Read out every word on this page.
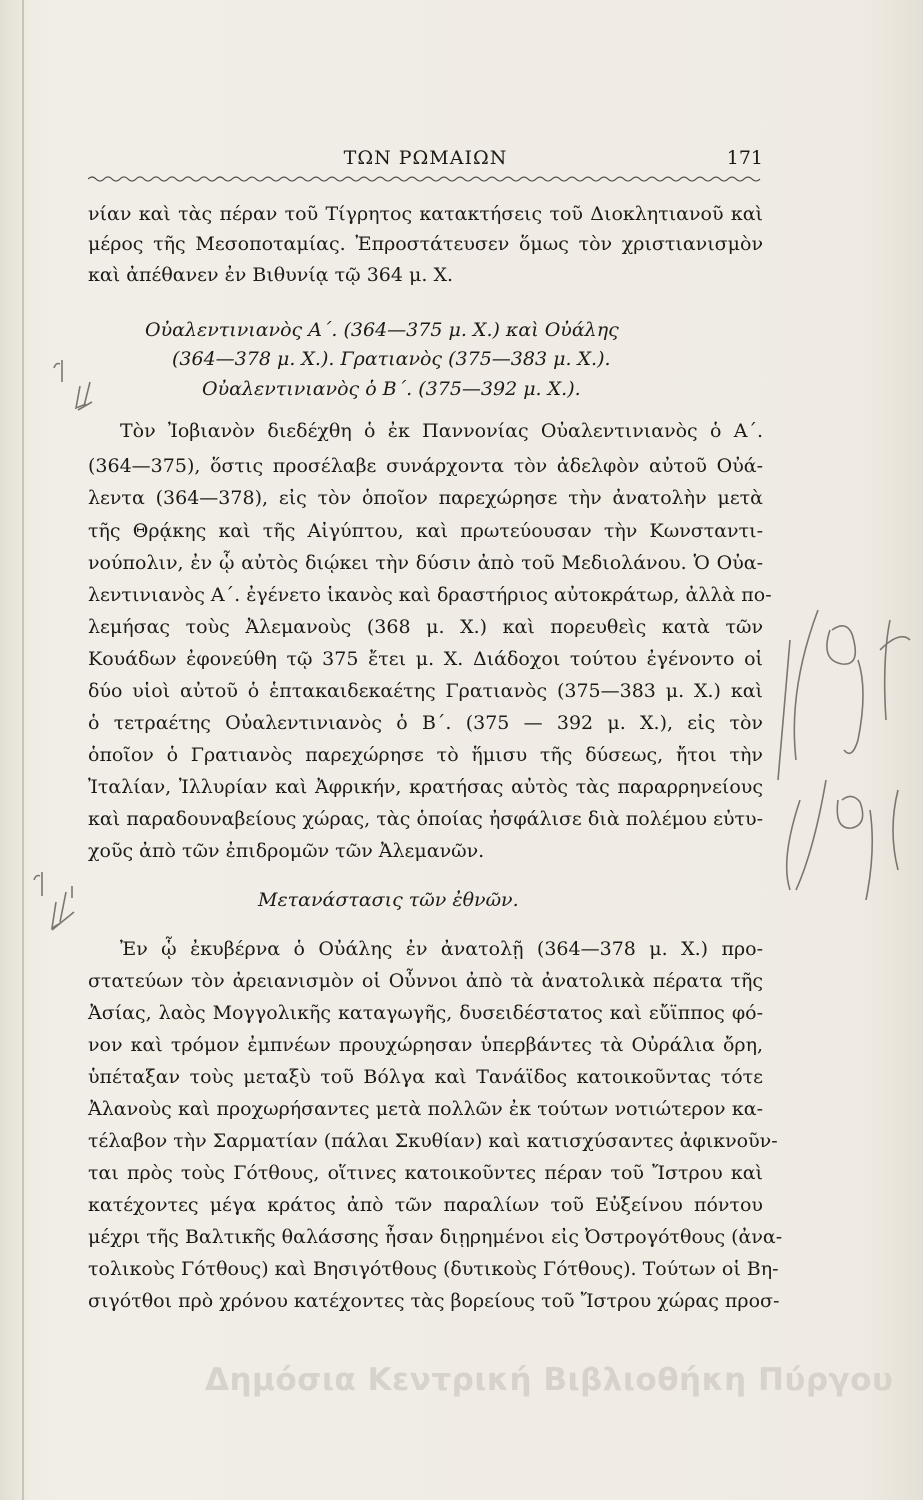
ΤΩΝ ΡΩΜΑΙΩΝ	171

νίαν καὶ τὰς πέραν τοῦ Τίγρητος κατακτήσεις τοῦ Διοκλητιανοῦ καὶ

μέρος τῆς Μεσοποταμίας. Ἐπροστάτευσεν ὅμως τὸν χριστιανισμὸν

καὶ ἀπέθανεν ἐν Βιθυνίᾳ τῷ 364 μ. Χ.

Οὐαλεντινιανὸς Α΄. (364—375 μ. Χ.) καὶ Οὐάλης
(364—378 μ. Χ.). Γρατιανὸς (375—383 μ. Χ.).
Οὐαλεντινιανὸς ὁ Β΄. (375—392 μ. Χ.).

Τὸν Ἰοβιανὸν διεδέχθη ὁ ἐκ Παννονίας Οὐαλεντινιανὸς ὁ Α΄.

(364—375), ὅστις προσέλαβε συνάρχοντα τὸν ἀδελφὸν αὐτοῦ Οὐά-

λεντα (364—378), εἰς τὸν ὁποῖον παρεχώρησε τὴν ἀνατολὴν μετὰ

τῆς Θρᾴκης καὶ τῆς Αἰγύπτου, καὶ πρωτεύουσαν τὴν Κωνσταντι-

νούπολιν, ἐν ᾧ αὐτὸς διῴκει τὴν δύσιν ἀπὸ τοῦ Μεδιολάνου. Ὁ Οὐα-

λεντινιανὸς Α΄. ἐγένετο ἱκανὸς καὶ δραστήριος αὐτοκράτωρ, ἀλλὰ πο-

λεμήσας τοὺς Ἀλεμανοὺς (368 μ. Χ.) καὶ πορευθεὶς κατὰ τῶν

Κουάδων ἐφονεύθη τῷ 375 ἔτει μ. Χ. Διάδοχοι τούτου ἐγένοντο οἱ

δύο υἱοὶ αὐτοῦ ὁ ἑπτακαιδεκαέτης Γρατιανὸς (375—383 μ. Χ.) καὶ

ὁ τετραέτης Οὐαλεντινιανὸς ὁ Β΄. (375 — 392 μ. Χ.), εἰς τὸν

ὁποῖον ὁ Γρατιανὸς παρεχώρησε τὸ ἥμισυ τῆς δύσεως, ἤτοι τὴν

Ἰταλίαν, Ἰλλυρίαν καὶ Ἀφρικήν, κρατήσας αὐτὸς τὰς παραρρηνείους

καὶ παραδουναβείους χώρας, τὰς ὁποίας ἠσφάλισε διὰ πολέμου εὐτυ-

χοῦς ἀπὸ τῶν ἐπιδρομῶν τῶν Ἀλεμανῶν.

Μετανάστασις τῶν ἐθνῶν.

Ἐν ᾧ ἐκυβέρνα ὁ Οὐάλης ἐν ἀνατολῇ (364—378 μ. Χ.) προ-

στατεύων τὸν ἀρειανισμὸν οἱ Οὖννοι ἀπὸ τὰ ἀνατολικὰ πέρατα τῆς

Ἀσίας, λαὸς Μογγολικῆς καταγωγῆς, δυσειδέστατος καὶ εὔϊππος φό-

νον καὶ τρόμον ἐμπνέων προυχώρησαν ὑπερβάντες τὰ Οὐράλια ὄρη,

ὑπέταξαν τοὺς μεταξὺ τοῦ Βόλγα καὶ Τανάϊδος κατοικοῦντας τότε

Ἀλανοὺς καὶ προχωρήσαντες μετὰ πολλῶν ἐκ τούτων νοτιώτερον κα-

τέλαβον τὴν Σαρματίαν (πάλαι Σκυθίαν) καὶ κατισχύσαντες ἀφικνοῦν-

ται πρὸς τοὺς Γότθους, οἵτινες κατοικοῦντες πέραν τοῦ Ἴστρου καὶ

κατέχοντες μέγα κράτος ἀπὸ τῶν παραλίων τοῦ Εὐξείνου πόντου

μέχρι τῆς Βαλτικῆς θαλάσσης ἦσαν διῃρημένοι εἰς Ὀστρογότθους (ἀνα-

τολικοὺς Γότθους) καὶ Βησιγότθους (δυτικοὺς Γότθους). Τούτων οἱ Βη-

σιγότθοι πρὸ χρόνου κατέχοντες τὰς βορείους τοῦ Ἴστρου χώρας προσ-

Δημόσια Κεντρική Βιβλιοθήκη Πύργου
